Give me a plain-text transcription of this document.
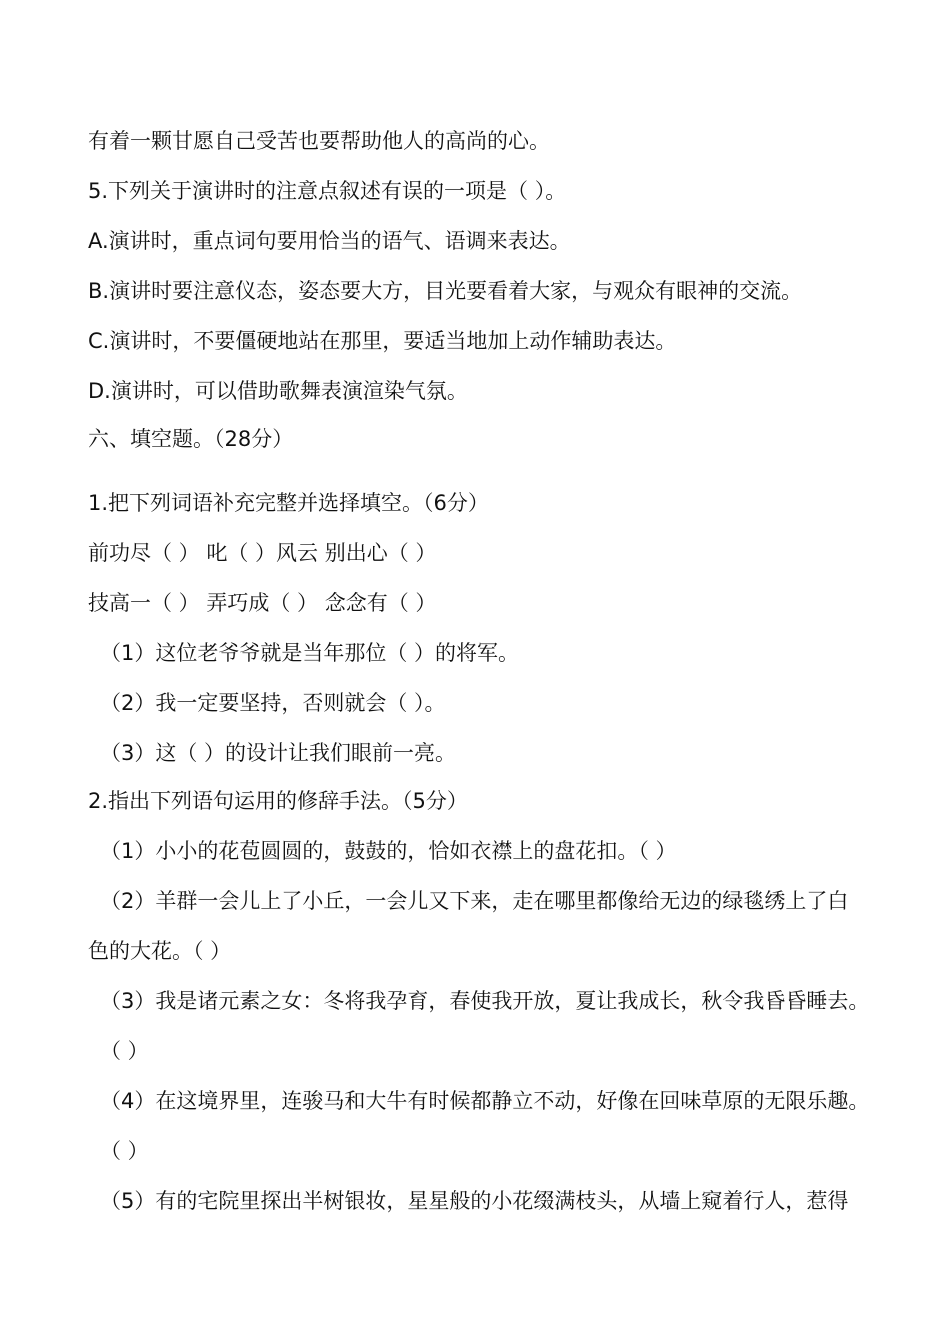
有着一颗甘愿自己受苦也要帮助他人的高尚的心。
5.下列关于演讲时的注意点叙述有误的一项是（ ）。
A.演讲时，重点词句要用恰当的语气、语调来表达。
B.演讲时要注意仪态，姿态要大方，目光要看着大家，与观众有眼神的交流。
C.演讲时，不要僵硬地站在那里，要适当地加上动作辅助表达。
D.演讲时，可以借助歌舞表演渲染气氛。
六、填空题。（28分）
1.把下列词语补充完整并选择填空。（6分）
前功尽（ ） 叱（ ）风云 别出心（ ）
技高一（ ） 弄巧成（ ） 念念有（ ）
（1）这位老爷爷就是当年那位（ ）的将军。
（2）我一定要坚持，否则就会（ ）。
（3）这（ ）的设计让我们眼前一亮。
2.指出下列语句运用的修辞手法。（5分）
（1）小小的花苞圆圆的，鼓鼓的，恰如衣襟上的盘花扣。（ ）
（2）羊群一会儿上了小丘，一会儿又下来，走在哪里都像给无边的绿毯绣上了白
色的大花。（ ）
（3）我是诸元素之女：冬将我孕育，春使我开放，夏让我成长，秋令我昏昏睡去。
（ ）
（4）在这境界里，连骏马和大牛有时候都静立不动，好像在回味草原的无限乐趣。
（ ）
（5）有的宅院里探出半树银妆，星星般的小花缀满枝头，从墙上窥着行人，惹得
